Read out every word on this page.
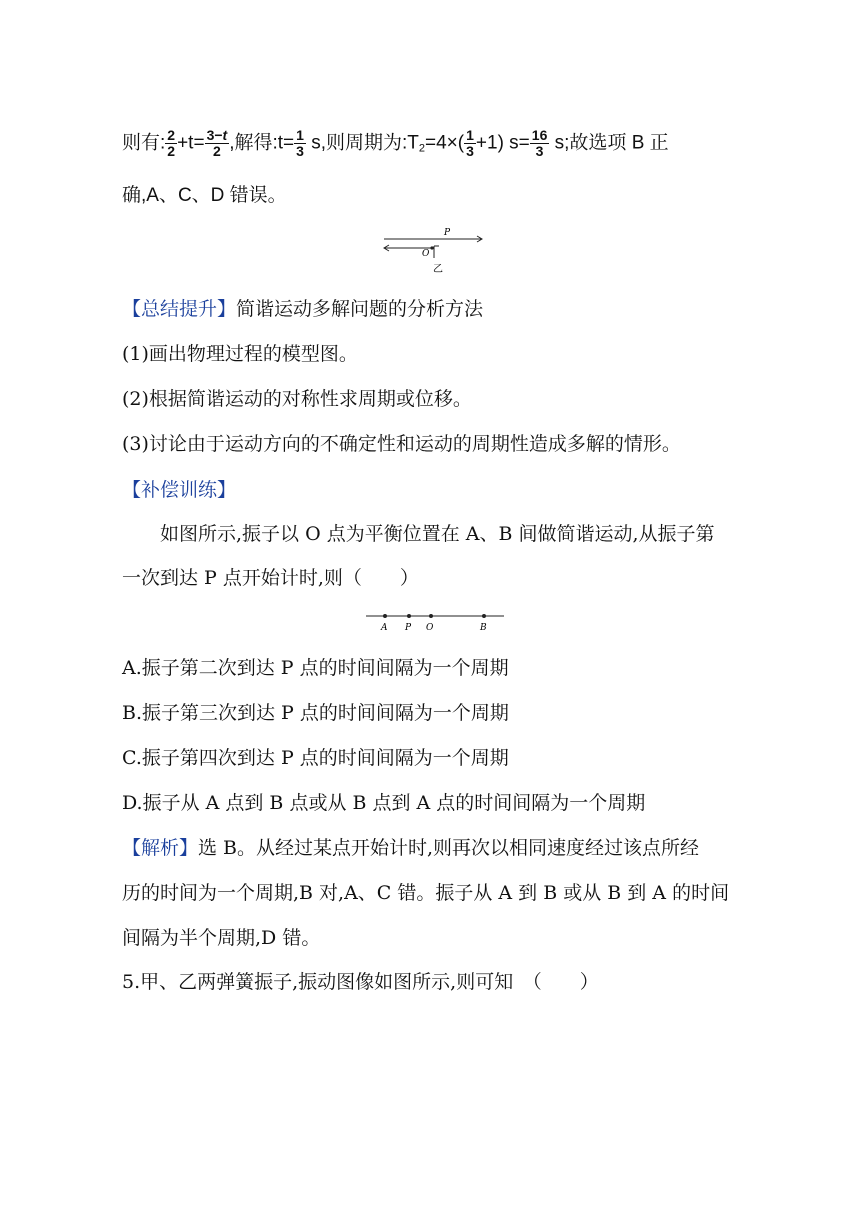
则有: $\frac{2}{2} +t= \frac{3-t}{2}$ ,解得:t= $\frac{1}{3} s$,则周期为$:T_2=4\times( \frac{1}{3} +1)$ $s= \frac{16}{3} s$;故选项 B 正
确,A、C、D 错误。
P
O
乙
【总结提升】简谐运动多解问题的分析方法
(1)画出物理过程的模型图。
(2)根据简谐运动的对称性求周期或位移。
(3)讨论由于运动方向的不确定性和运动的周期性造成多解的情形。
【补偿训练】
如图所示,振子以 O 点为平衡位置在 A、B 间做简谐运动,从振子第
一次到达 P 点开始计时,则（　　）
A P O	B
A.振子第二次到达 P 点的时间间隔为一个周期
B.振子第三次到达 P 点的时间间隔为一个周期
C.振子第四次到达 P 点的时间间隔为一个周期
D.振子从 A 点到 B 点或从 B 点到 A 点的时间间隔为一个周期
【解析】选 B。从经过某点开始计时,则再次以相同速度经过该点所经
历的时间为一个周期,B 对,A、C 错。振子从 A 到 B 或从 B 到 A 的时间
间隔为半个周期,D 错。
5.甲、乙两弹簧振子,振动图像如图所示,则可知　（　　）
